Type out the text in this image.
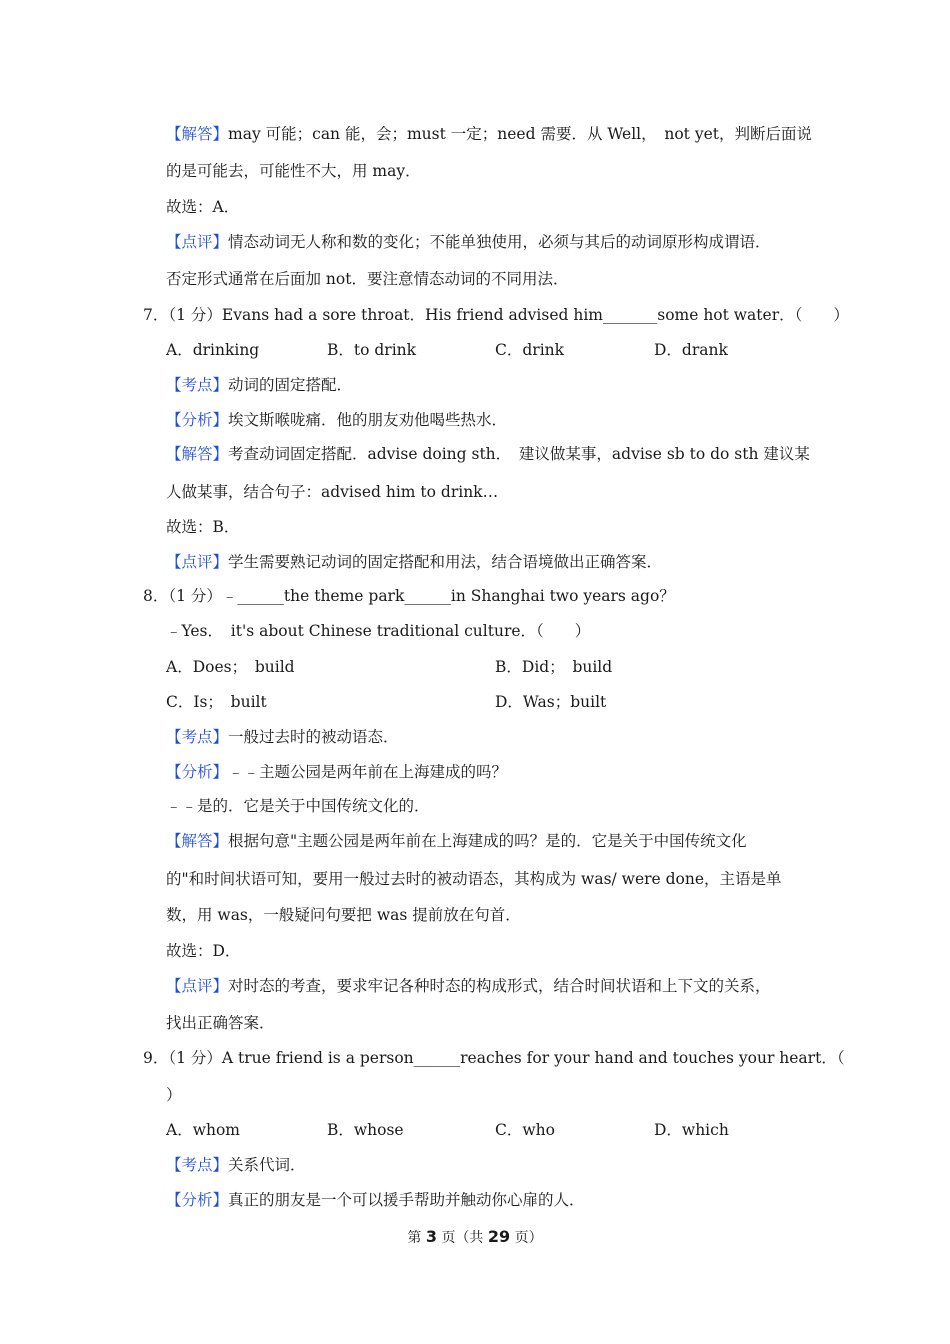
【解答】may 可能；can 能，会；must 一定；need 需要．从 Well，　not yet，判断后面说
的是可能去，可能性不大，用 may．
故选：A．
【点评】情态动词无人称和数的变化；不能单独使用，必须与其后的动词原形构成谓语．
否定形式通常在后面加 not．要注意情态动词的不同用法．
7．（1 分）Evans had a sore throat．His friend advised him_______some hot water．（　　）
A．drinking	B．to drink	C．drink	D．drank
【考点】动词的固定搭配．
【分析】埃文斯喉咙痛．他的朋友劝他喝些热水．
【解答】考查动词固定搭配．advise doing sth．　建议做某事，advise sb to do sth 建议某
人做某事，结合句子：advised him to drink…
故选：B．
【点评】学生需要熟记动词的固定搭配和用法，结合语境做出正确答案．
8．（1 分）﹣______the theme park______in Shanghai two years ago？
﹣Yes．　it's about Chinese traditional culture．（　　）
A．Does；　build	B．Did；　build
C．Is；　built	D．Was；built
【考点】一般过去时的被动语态．
【分析】﹣﹣主题公园是两年前在上海建成的吗？
﹣﹣是的．它是关于中国传统文化的．
【解答】根据句意"主题公园是两年前在上海建成的吗？是的．它是关于中国传统文化
的"和时间状语可知，要用一般过去时的被动语态，其构成为 was/ were done，主语是单
数，用 was，一般疑问句要把 was 提前放在句首．
故选：D．
【点评】对时态的考查，要求牢记各种时态的构成形式，结合时间状语和上下文的关系，
找出正确答案．
9．（1 分）A true friend is a person______reaches for your hand and touches your heart．（
）
A．whom	B．whose	C．who	D．which
【考点】关系代词．
【分析】真正的朋友是一个可以援手帮助并触动你心扉的人．
第 3 页（共 29 页）
